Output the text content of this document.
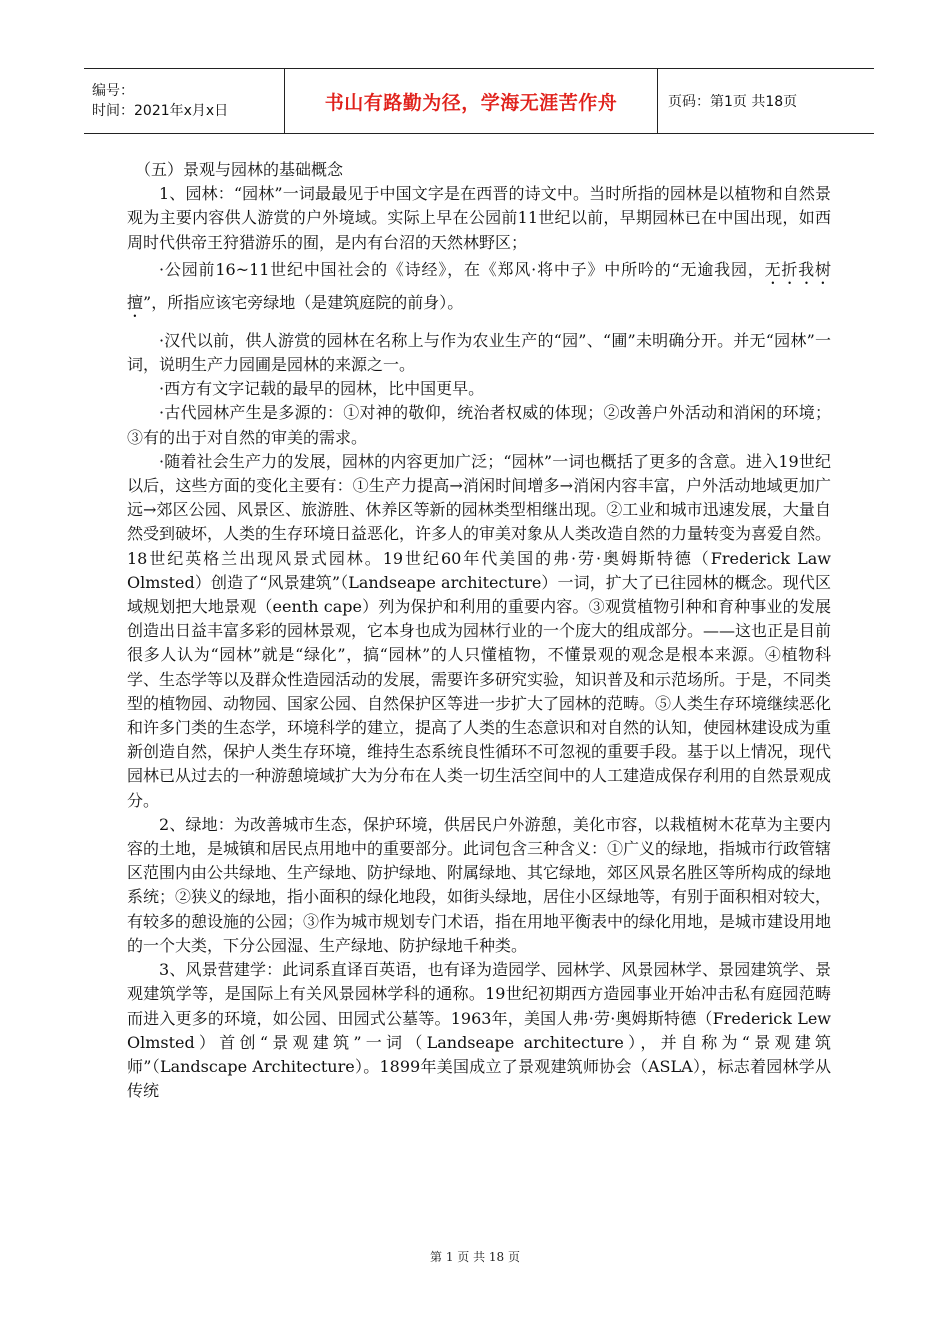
编号：
时间：2021年x月x日	书山有路勤为径，学海无涯苦作舟	页码：第1页 共18页

（五）景观与园林的基础概念

1、园林：“园林”一词最最见于中国文字是在西晋的诗文中。当时所指的园林是以植物和自然景观为主要内容供人游赏的户外境域。实际上早在公园前11世纪以前，早期园林已在中国出现，如西周时代供帝王狩猎游乐的囿，是内有台沼的天然林野区；

·公园前16~11世纪中国社会的《诗经》，在《郑风·将中子》中所吟的“无逾我园，无折我树擅”，所指应该宅旁绿地（是建筑庭院的前身）。

·汉代以前，供人游赏的园林在名称上与作为农业生产的“园”、“圃”未明确分开。并无“园林”一词，说明生产力园圃是园林的来源之一。

·西方有文字记载的最早的园林，比中国更早。

·古代园林产生是多源的：①对神的敬仰，统治者权威的体现；②改善户外活动和消闲的环境；③有的出于对自然的审美的需求。

·随着社会生产力的发展，园林的内容更加广泛；“园林”一词也概括了更多的含意。进入19世纪以后，这些方面的变化主要有：①生产力提高→消闲时间增多→消闲内容丰富，户外活动地域更加广远→郊区公园、风景区、旅游胜、休养区等新的园林类型相继出现。②工业和城市迅速发展，大量自然受到破坏，人类的生存环境日益恶化，许多人的审美对象从人类改造自然的力量转变为喜爱自然。18世纪英格兰出现风景式园林。19世纪60年代美国的弗·劳·奥姆斯特德（Frederick Law Olmsted）创造了“风景建筑”（Landseape architecture）一词，扩大了已往园林的概念。现代区域规划把大地景观（eenth cape）列为保护和利用的重要内容。③观赏植物引种和育种事业的发展创造出日益丰富多彩的园林景观，它本身也成为园林行业的一个庞大的组成部分。——这也正是目前很多人认为“园林”就是“绿化”，搞“园林”的人只懂植物，不懂景观的观念是根本来源。④植物科学、生态学等以及群众性造园活动的发展，需要许多研究实验，知识普及和示范场所。于是，不同类型的植物园、动物园、国家公园、自然保护区等进一步扩大了园林的范畴。⑤人类生存环境继续恶化和许多门类的生态学，环境科学的建立，提高了人类的生态意识和对自然的认知，使园林建设成为重新创造自然，保护人类生存环境，维持生态系统良性循环不可忽视的重要手段。基于以上情况，现代园林已从过去的一种游憩境域扩大为分布在人类一切生活空间中的人工建造成保存利用的自然景观成分。

2、绿地：为改善城市生态，保护环境，供居民户外游憩，美化市容，以栽植树木花草为主要内容的土地，是城镇和居民点用地中的重要部分。此词包含三种含义：①广义的绿地，指城市行政管辖区范围内由公共绿地、生产绿地、防护绿地、附属绿地、其它绿地，郊区风景名胜区等所构成的绿地系统；②狭义的绿地，指小面积的绿化地段，如街头绿地，居住小区绿地等，有别于面积相对较大，有较多的憩设施的公园；③作为城市规划专门术语，指在用地平衡表中的绿化用地，是城市建设用地的一个大类，下分公园湿、生产绿地、防护绿地千种类。

3、风景营建学：此词系直译百英语，也有译为造园学、园林学、风景园林学、景园建筑学、景观建筑学等，是国际上有关风景园林学科的通称。19世纪初期西方造园事业开始冲击私有庭园范畴而进入更多的环境，如公园、田园式公墓等。1963年，美国人弗·劳·奥姆斯特德（Frederick Lew Olmsted）首创“景观建筑”一词（Landseape architecture），并自称为“景观建筑师”（Landscape Architecture）。1899年美国成立了景观建筑师协会（ASLA），标志着园林学从传统

第 1 页 共 18 页
